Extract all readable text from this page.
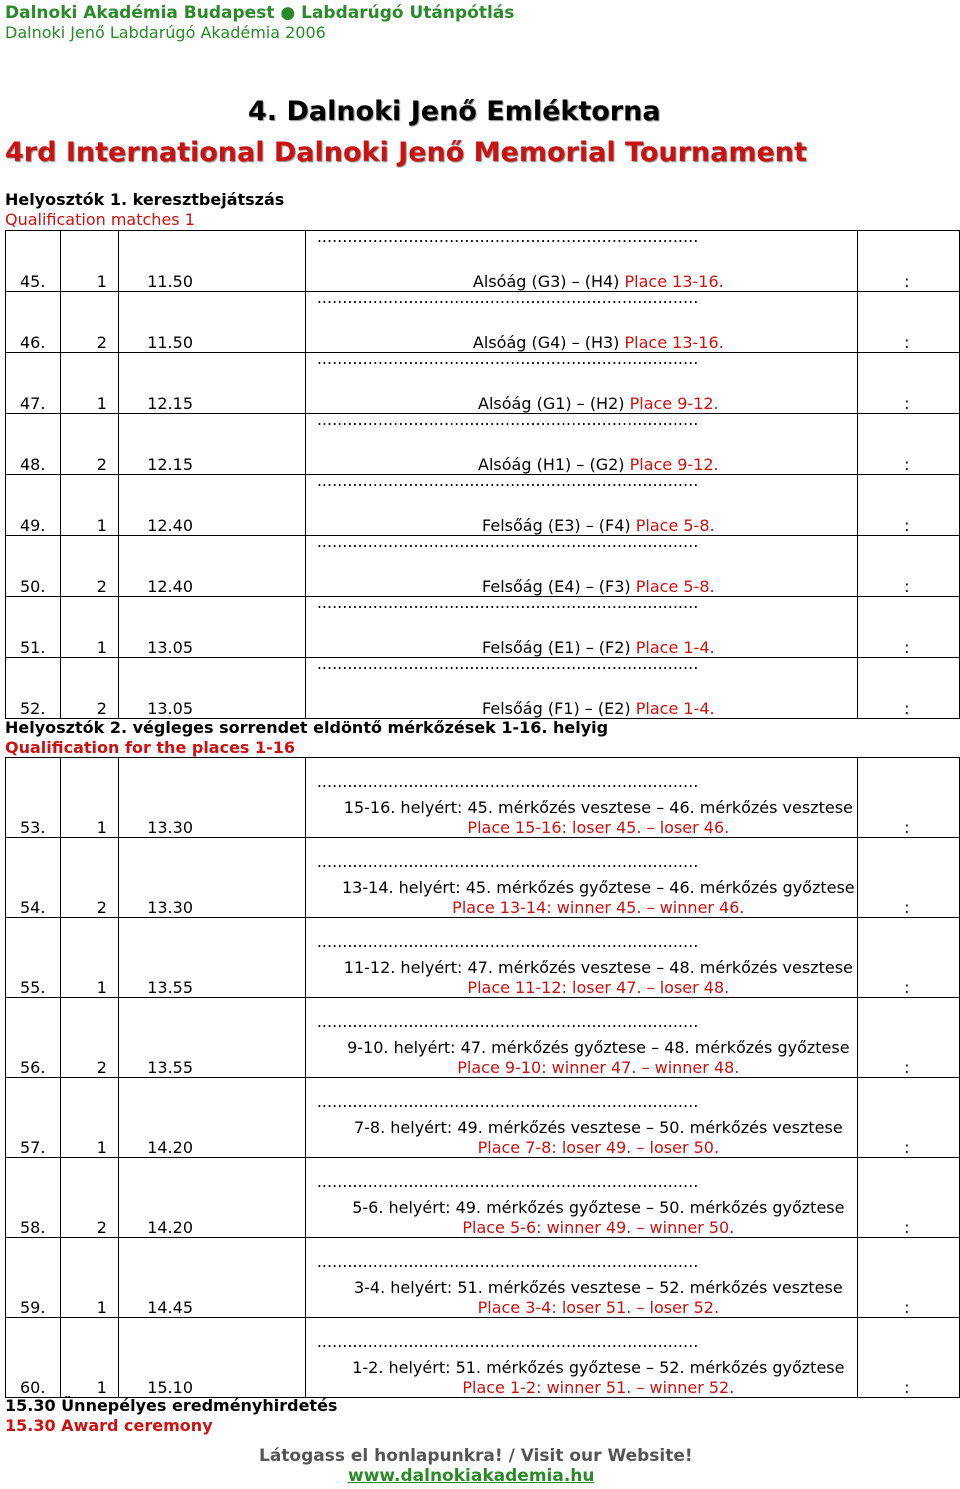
Dalnoki Akadémia Budapest ● Labdarúgó Utánpótlás
Dalnoki Jenő Labdarúgó Akadémia 2006
4. Dalnoki Jenő Emléktorna
4rd International Dalnoki Jenő Memorial Tournament
Helyosztók 1. keresztbejátszás
Qualification matches 1
45.	1	11.50	...........................................................................
Alsóág (G3) – (H4) Place 13-16.	:

46.	2	11.50	...........................................................................
Alsóág (G4) – (H3) Place 13-16.	:

47.	1	12.15	...........................................................................
Alsóág (G1) – (H2) Place 9-12.	:

48.	2	12.15	...........................................................................
Alsóág (H1) – (G2) Place 9-12.	:

49.	1	12.40	...........................................................................
Felsőág (E3) – (F4) Place 5-8.	:

50.	2	12.40	...........................................................................
Felsőág (E4) – (F3) Place 5-8.	:

51.	1	13.05	...........................................................................
Felsőág (E1) – (F2) Place 1-4.	:

52.	2	13.05	...........................................................................
Felsőág (F1) – (E2) Place 1-4.	:
Helyosztók 2. végleges sorrendet eldöntő mérkőzések 1-16. helyig
Qualification for the places 1-16
53.	1	13.30	...........................................................................
15-16. helyért: 45. mérkőzés vesztese – 46. mérkőzés vesztese
Place 15-16: loser 45. – loser 46.	:

54.	2	13.30	...........................................................................
13-14. helyért: 45. mérkőzés győztese – 46. mérkőzés győztese
Place 13-14: winner 45. – winner 46.	:

55.	1	13.55	...........................................................................
11-12. helyért: 47. mérkőzés vesztese – 48. mérkőzés vesztese
Place 11-12: loser 47. – loser 48.	:

56.	2	13.55	...........................................................................
9-10. helyért: 47. mérkőzés győztese – 48. mérkőzés győztese
Place 9-10: winner 47. – winner 48.	:

57.	1	14.20	...........................................................................
7-8. helyért: 49. mérkőzés vesztese – 50. mérkőzés vesztese
Place 7-8: loser 49. – loser 50.	:

58.	2	14.20	...........................................................................
5-6. helyért: 49. mérkőzés győztese – 50. mérkőzés győztese
Place 5-6: winner 49. – winner 50.	:

59.	1	14.45	...........................................................................
3-4. helyért: 51. mérkőzés vesztese – 52. mérkőzés vesztese
Place 3-4: loser 51. – loser 52.	:

60.	1	15.10	...........................................................................
1-2. helyért: 51. mérkőzés győztese – 52. mérkőzés győztese
Place 1-2: winner 51. – winner 52.	:
15.30 Ünnepélyes eredményhirdetés
15.30 Award ceremony
Látogass el honlapunkra! / Visit our Website!
www.dalnokiakademia.hu
